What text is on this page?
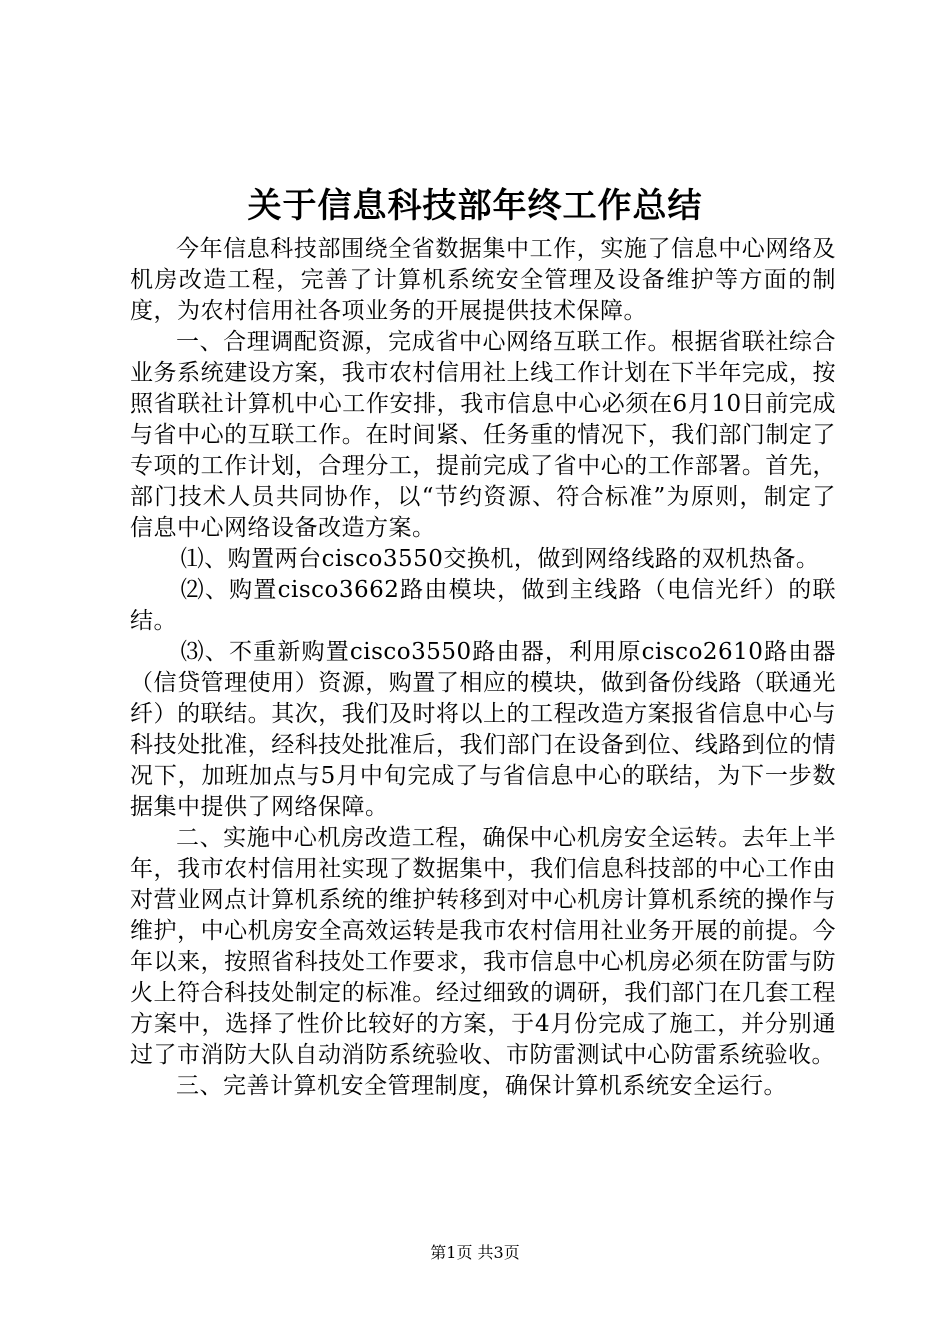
关于信息科技部年终工作总结

今年信息科技部围绕全省数据集中工作，实施了信息中心网络及机房改造工程，完善了计算机系统安全管理及设备维护等方面的制度，为农村信用社各项业务的开展提供技术保障。

一、合理调配资源，完成省中心网络互联工作。根据省联社综合业务系统建设方案，我市农村信用社上线工作计划在下半年完成，按照省联社计算机中心工作安排，我市信息中心必须在6月10日前完成与省中心的互联工作。在时间紧、任务重的情况下，我们部门制定了专项的工作计划，合理分工，提前完成了省中心的工作部署。首先，部门技术人员共同协作，以“节约资源、符合标准”为原则，制定了信息中心网络设备改造方案。

⑴、购置两台cisco3550交换机，做到网络线路的双机热备。

⑵、购置cisco3662路由模块，做到主线路（电信光纤）的联结。

⑶、不重新购置cisco3550路由器，利用原cisco2610路由器（信贷管理使用）资源，购置了相应的模块，做到备份线路（联通光纤）的联结。其次，我们及时将以上的工程改造方案报省信息中心与科技处批准，经科技处批准后，我们部门在设备到位、线路到位的情况下，加班加点与5月中旬完成了与省信息中心的联结，为下一步数据集中提供了网络保障。

二、实施中心机房改造工程，确保中心机房安全运转。去年上半年，我市农村信用社实现了数据集中，我们信息科技部的中心工作由对营业网点计算机系统的维护转移到对中心机房计算机系统的操作与维护，中心机房安全高效运转是我市农村信用社业务开展的前提。今年以来，按照省科技处工作要求，我市信息中心机房必须在防雷与防火上符合科技处制定的标准。经过细致的调研，我们部门在几套工程方案中，选择了性价比较好的方案，于4月份完成了施工，并分别通过了市消防大队自动消防系统验收、市防雷测试中心防雷系统验收。

三、完善计算机安全管理制度，确保计算机系统安全运行。

第1页 共3页
